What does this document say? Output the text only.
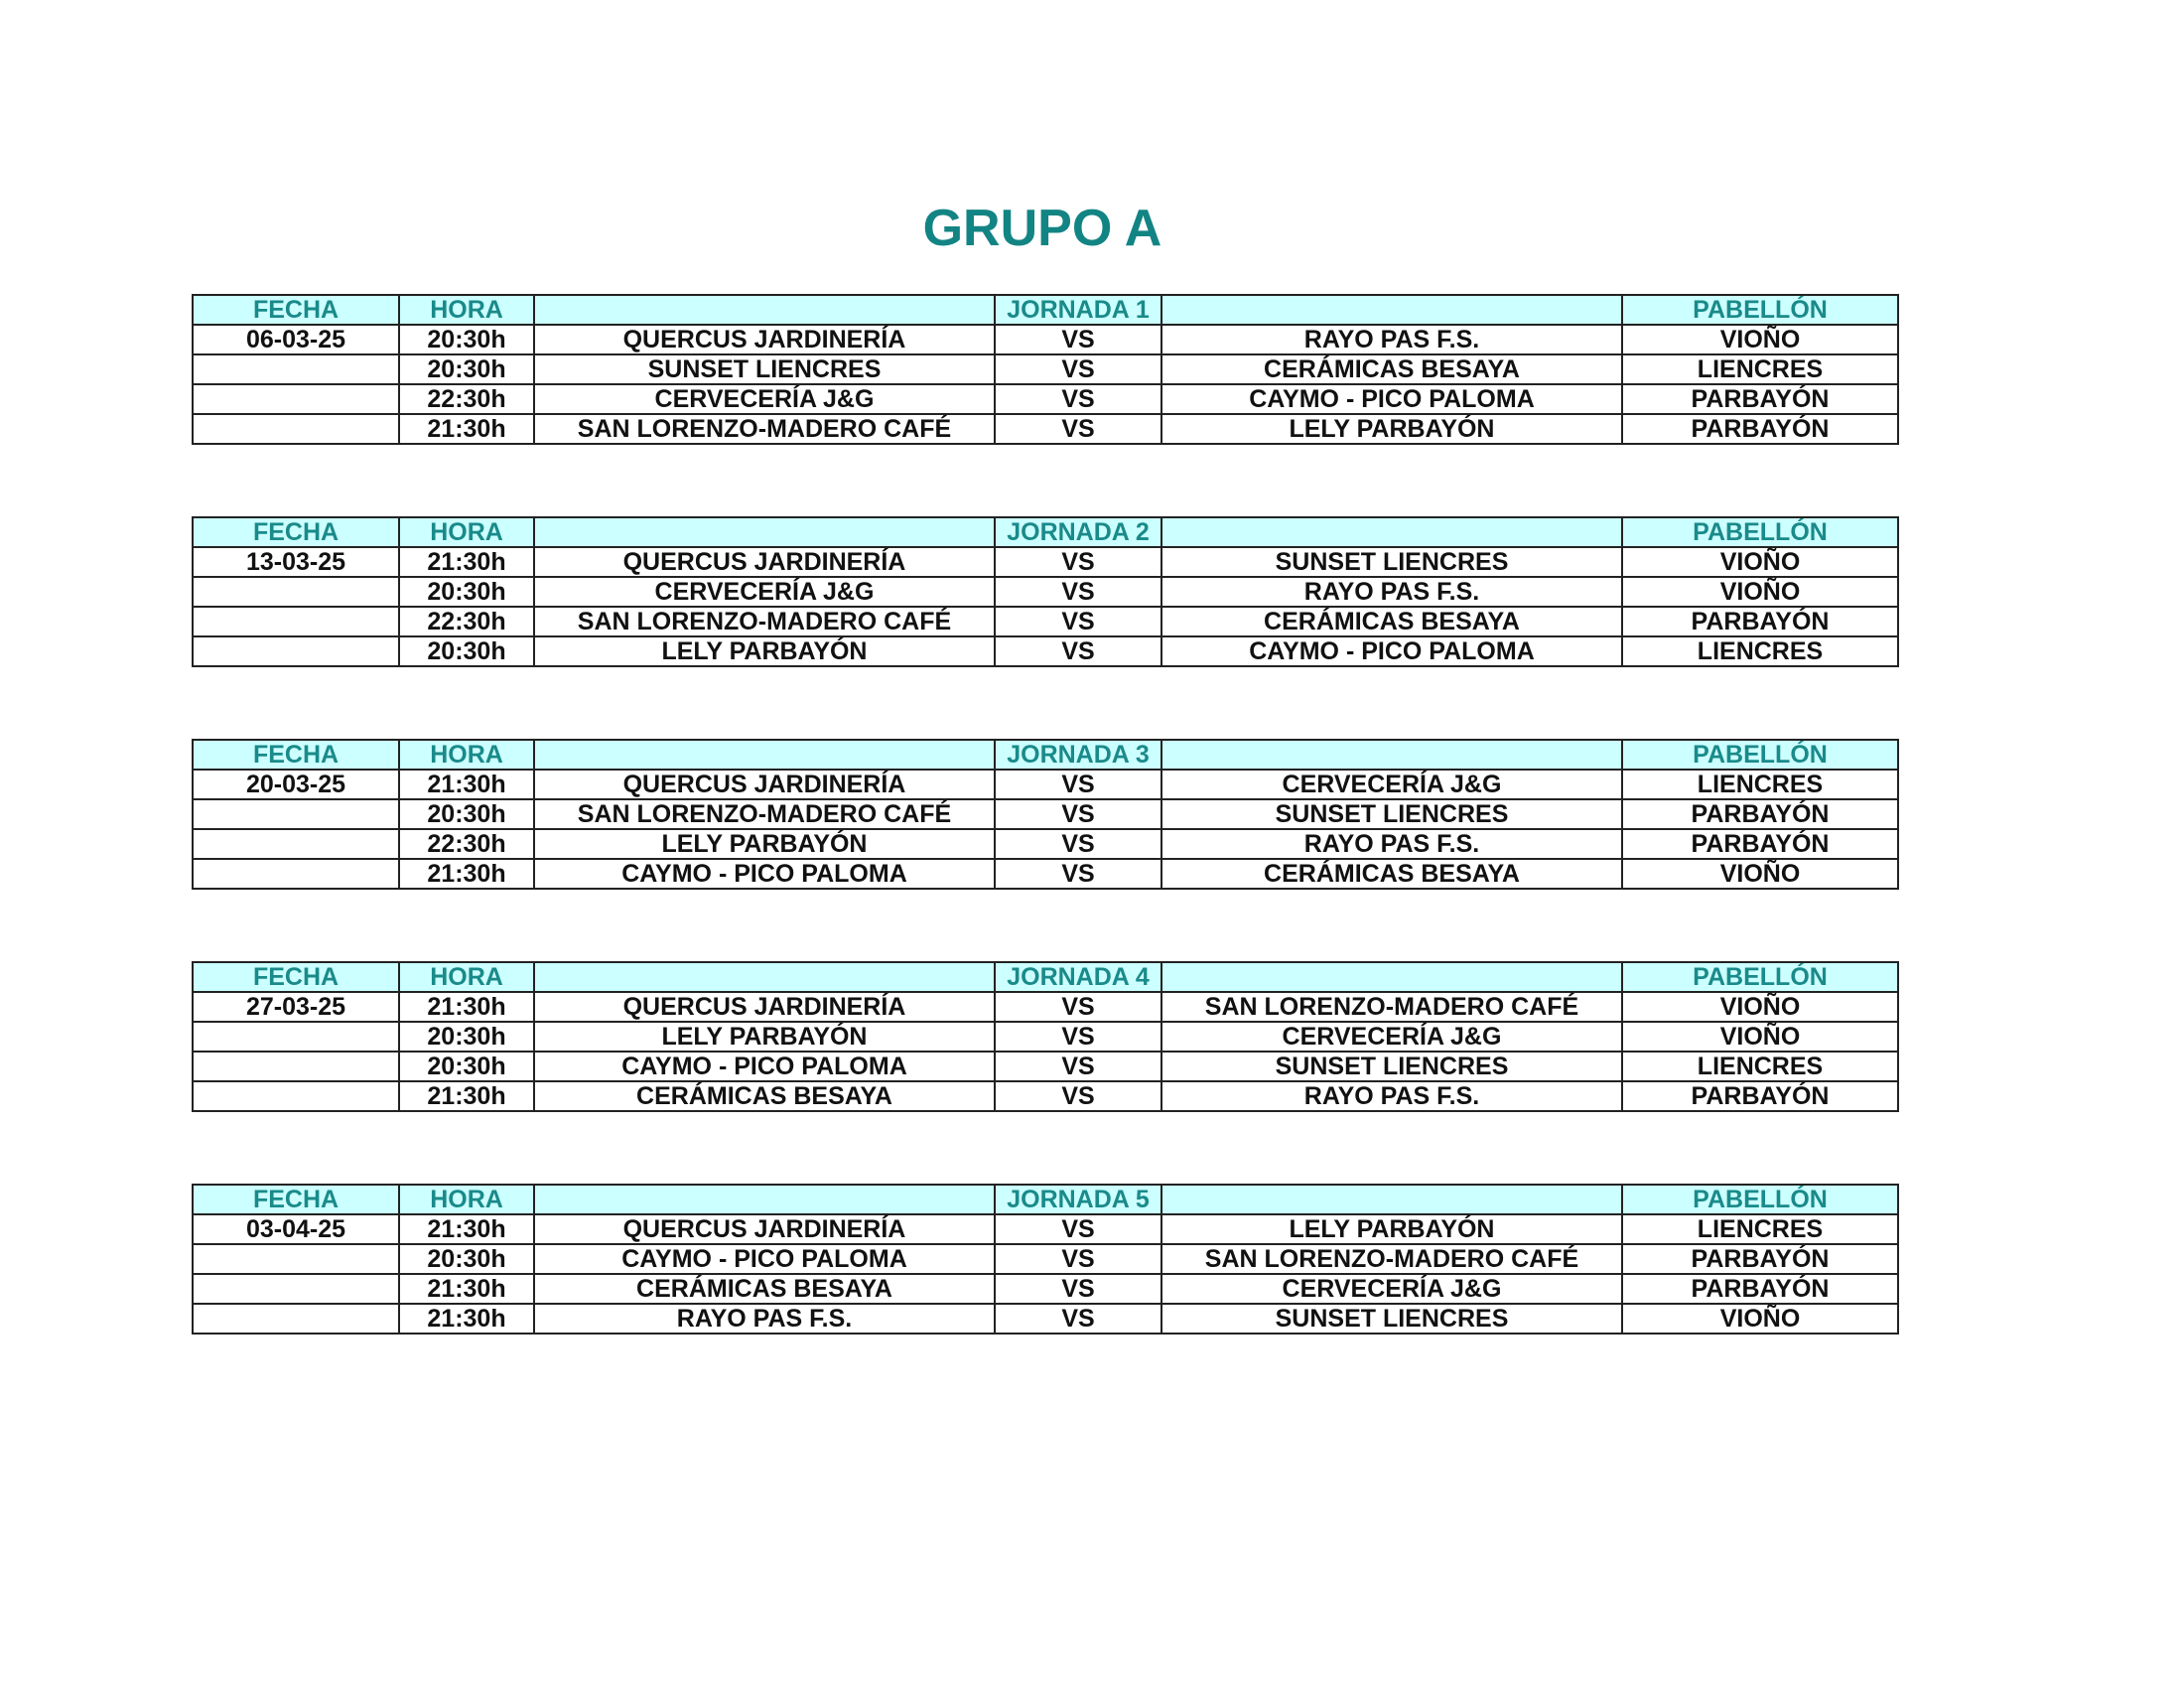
GRUPO A
FECHA	HORA		JORNADA 1		PABELLÓN
06-03-25	20:30h	QUERCUS JARDINERÍA	VS	RAYO PAS F.S.	VIOÑO
	20:30h	SUNSET LIENCRES	VS	CERÁMICAS BESAYA	LIENCRES
	22:30h	CERVECERÍA J&G	VS	CAYMO - PICO PALOMA	PARBAYÓN
	21:30h	SAN LORENZO-MADERO CAFÉ	VS	LELY PARBAYÓN	PARBAYÓN
FECHA	HORA		JORNADA 2		PABELLÓN
13-03-25	21:30h	QUERCUS JARDINERÍA	VS	SUNSET LIENCRES	VIOÑO
	20:30h	CERVECERÍA J&G	VS	RAYO PAS F.S.	VIOÑO
	22:30h	SAN LORENZO-MADERO CAFÉ	VS	CERÁMICAS BESAYA	PARBAYÓN
	20:30h	LELY PARBAYÓN	VS	CAYMO - PICO PALOMA	LIENCRES
FECHA	HORA		JORNADA 3		PABELLÓN
20-03-25	21:30h	QUERCUS JARDINERÍA	VS	CERVECERÍA J&G	LIENCRES
	20:30h	SAN LORENZO-MADERO CAFÉ	VS	SUNSET LIENCRES	PARBAYÓN
	22:30h	LELY PARBAYÓN	VS	RAYO PAS F.S.	PARBAYÓN
	21:30h	CAYMO - PICO PALOMA	VS	CERÁMICAS BESAYA	VIOÑO
FECHA	HORA		JORNADA 4		PABELLÓN
27-03-25	21:30h	QUERCUS JARDINERÍA	VS	SAN LORENZO-MADERO CAFÉ	VIOÑO
	20:30h	LELY PARBAYÓN	VS	CERVECERÍA J&G	VIOÑO
	20:30h	CAYMO - PICO PALOMA	VS	SUNSET LIENCRES	LIENCRES
	21:30h	CERÁMICAS BESAYA	VS	RAYO PAS F.S.	PARBAYÓN
FECHA	HORA		JORNADA 5		PABELLÓN
03-04-25	21:30h	QUERCUS JARDINERÍA	VS	LELY PARBAYÓN	LIENCRES
	20:30h	CAYMO - PICO PALOMA	VS	SAN LORENZO-MADERO CAFÉ	PARBAYÓN
	21:30h	CERÁMICAS BESAYA	VS	CERVECERÍA J&G	PARBAYÓN
	21:30h	RAYO PAS F.S.	VS	SUNSET LIENCRES	VIOÑO
